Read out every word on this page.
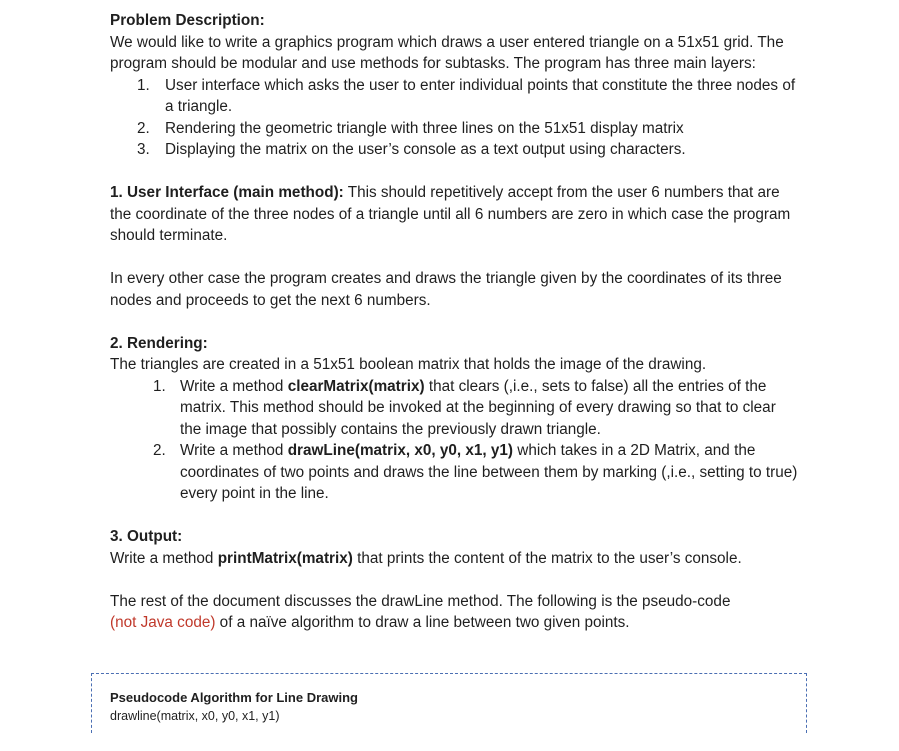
Problem Description:

We would like to write a graphics program which draws a user entered triangle on a 51x51 grid. The program should be modular and use methods for subtasks. The program has three main layers:

1. User interface which asks the user to enter individual points that constitute the three nodes of a triangle.
2. Rendering the geometric triangle with three lines on the 51x51 display matrix
3. Displaying the matrix on the user’s console as a text output using characters.

1. User Interface (main method): This should repetitively accept from the user 6 numbers that are the coordinate of the three nodes of a triangle until all 6 numbers are zero in which case the program should terminate.

In every other case the program creates and draws the triangle given by the coordinates of its three nodes and proceeds to get the next 6 numbers.

2. Rendering:

The triangles are created in a 51x51 boolean matrix that holds the image of the drawing.

1. Write a method clearMatrix(matrix) that clears (,i.e., sets to false) all the entries of the matrix. This method should be invoked at the beginning of every drawing so that to clear the image that possibly contains the previously drawn triangle.
2. Write a method drawLine(matrix, x0, y0, x1, y1) which takes in a 2D Matrix, and the coordinates of two points and draws the line between them by marking (,i.e., setting to true) every point in the line.

3. Output:

Write a method printMatrix(matrix) that prints the content of the matrix to the user’s console.

The rest of the document discusses the drawLine method. The following is the pseudo-code
(not Java code) of a naïve algorithm to draw a line between two given points.

Pseudocode Algorithm for Line Drawing

drawline(matrix, x0, y0, x1, y1)
